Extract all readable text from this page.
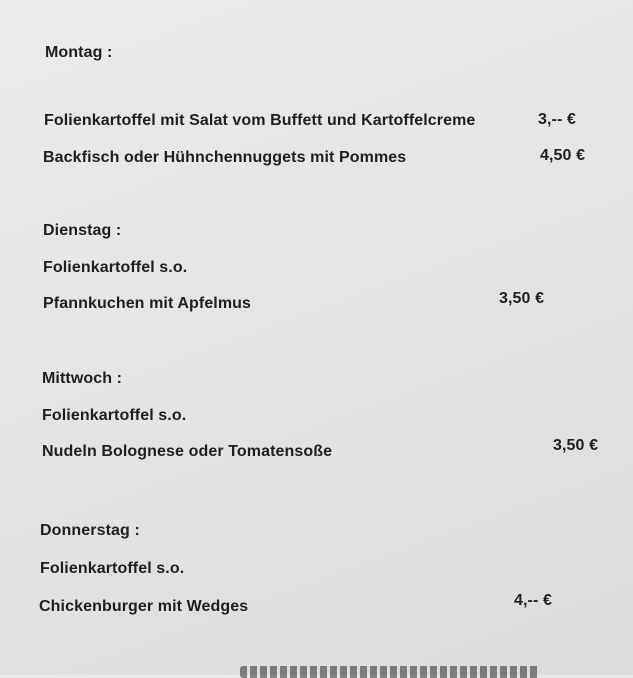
Montag :
Folienkartoffel mit Salat vom Buffett und Kartoffelcreme	3,-- €
Backfisch oder Hühnchennuggets mit Pommes	4,50 €
Dienstag :
Folienkartoffel s.o.
Pfannkuchen mit Apfelmus	3,50 €
Mittwoch :
Folienkartoffel s.o.
Nudeln Bolognese oder Tomatensoße	3,50 €
Donnerstag :
Folienkartoffel s.o.
Chickenburger mit Wedges	4,-- €
